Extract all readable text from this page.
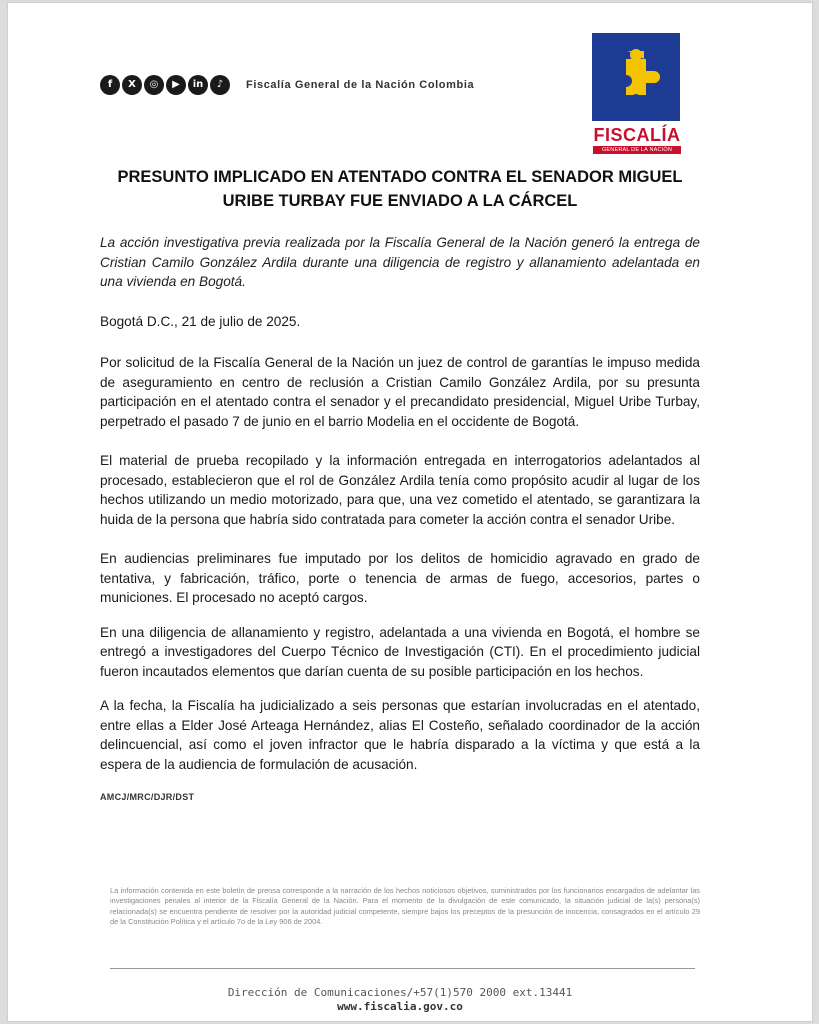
f	X	◎	▶	in	♪	Fiscalía General de la Nación Colombia
FISCALÍA
GENERAL DE LA NACIÓN
PRESUNTO IMPLICADO EN ATENTADO CONTRA EL SENADOR MIGUEL URIBE TURBAY FUE ENVIADO A LA CÁRCEL

La acción investigativa previa realizada por la Fiscalía General de la Nación generó la entrega de Cristian Camilo González Ardila durante una diligencia de registro y allanamiento adelantada en una vivienda en Bogotá.

Bogotá D.C., 21 de julio de 2025.

Por solicitud de la Fiscalía General de la Nación un juez de control de garantías le impuso medida de aseguramiento en centro de reclusión a Cristian Camilo González Ardila, por su presunta participación en el atentado contra el senador y el precandidato presidencial, Miguel Uribe Turbay, perpetrado el pasado 7 de junio en el barrio Modelia en el occidente de Bogotá.

El material de prueba recopilado y la información entregada en interrogatorios adelantados al procesado, establecieron que el rol de González Ardila tenía como propósito acudir al lugar de los hechos utilizando un medio motorizado, para que, una vez cometido el atentado, se garantizara la huida de la persona que habría sido contratada para cometer la acción contra el senador Uribe.

En audiencias preliminares fue imputado por los delitos de homicidio agravado en grado de tentativa, y fabricación, tráfico, porte o tenencia de armas de fuego, accesorios, partes o municiones. El procesado no aceptó cargos.

En una diligencia de allanamiento y registro, adelantada a una vivienda en Bogotá, el hombre se entregó a investigadores del Cuerpo Técnico de Investigación (CTI). En el procedimiento judicial fueron incautados elementos que darían cuenta de su posible participación en los hechos.

A la fecha, la Fiscalía ha judicializado a seis personas que estarían involucradas en el atentado, entre ellas a Elder José Arteaga Hernández, alias El Costeño, señalado coordinador de la acción delincuencial, así como el joven infractor que le habría disparado a la víctima y que está a la espera de la audiencia de formulación de acusación.

AMCJ/MRC/DJR/DST

La información contenida en este boletín de prensa corresponde a la narración de los hechos noticiosos objetivos, suministrados por los funcionarios encargados de adelantar las investigaciones penales al interior de la Fiscalía General de la Nación. Para el momento de la divulgación de este comunicado, la situación judicial de la(s) persona(s) relacionada(s) se encuentra pendiente de resolver por la autoridad judicial competente, siempre bajos los preceptos de la presunción de inocencia, consagrados en el artículo 29 de la Constitución Política y el artículo 7o de la Ley 906 de 2004.

Dirección de Comunicaciones/+57(1)570 2000 ext.13441
www.fiscalia.gov.co
